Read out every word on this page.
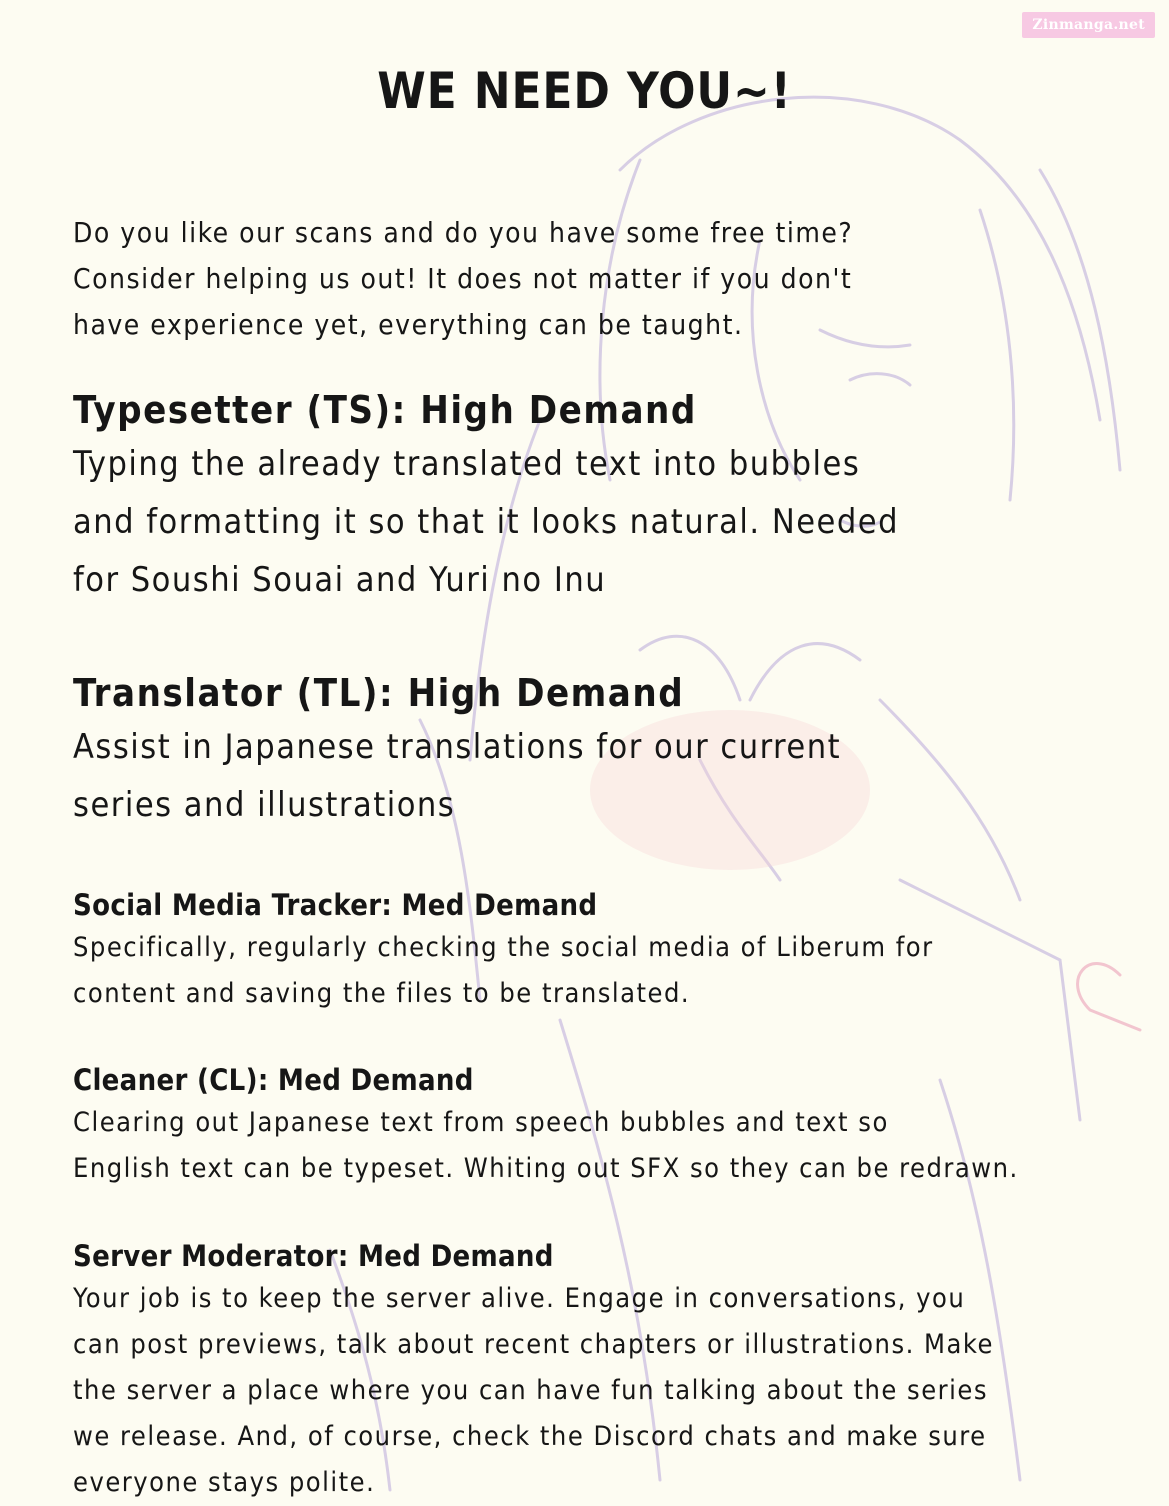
Zinmanga.net
WE NEED YOU~!

Do you like our scans and do you have some free time?
Consider helping us out! It does not matter if you don't
have experience yet, everything can be taught.

Typesetter (TS): High Demand

Typing the already translated text into bubbles
and formatting it so that it looks natural. Needed
for Soushi Souai and Yuri no Inu

Translator (TL): High Demand

Assist in Japanese translations for our current
series and illustrations

Social Media Tracker: Med Demand

Specifically, regularly checking the social media of Liberum for
content and saving the files to be translated.

Cleaner (CL): Med Demand

Clearing out Japanese text from speech bubbles and text so
English text can be typeset. Whiting out SFX so they can be redrawn.

Server Moderator: Med Demand

Your job is to keep the server alive. Engage in conversations, you
can post previews, talk about recent chapters or illustrations. Make
the server a place where you can have fun talking about the series
we release. And, of course, check the Discord chats and make sure
everyone stays polite.
